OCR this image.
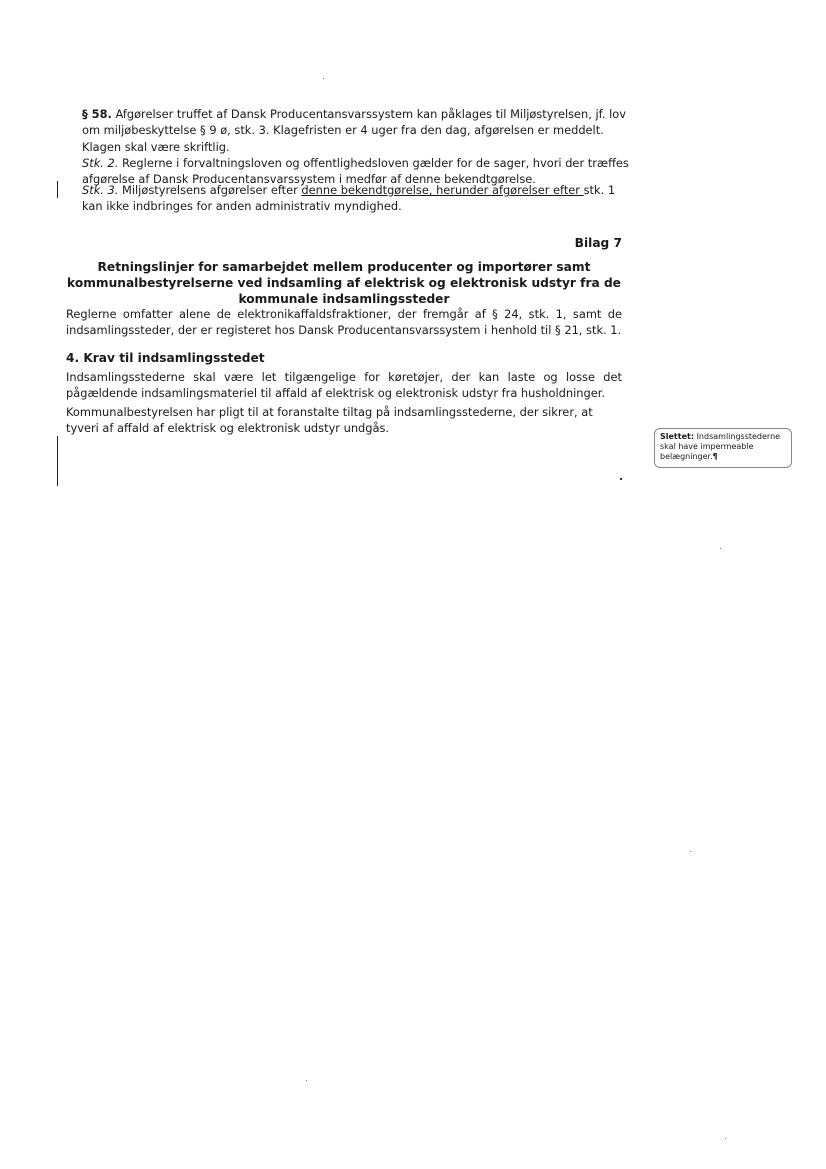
§ 58. Afgørelser truffet af Dansk Producentansvarssystem kan påklages til Miljøstyrelsen, jf. lov om miljøbeskyttelse § 9 ø, stk. 3. Klagefristen er 4 uger fra den dag, afgørelsen er meddelt. Klagen skal være skriftlig.

Stk. 2. Reglerne i forvaltningsloven og offentlighedsloven gælder for de sager, hvori der træffes afgørelse af Dansk Producentansvarssystem i medfør af denne bekendtgørelse.

Stk. 3. Miljøstyrelsens afgørelser efter denne bekendtgørelse, herunder afgørelser efter stk. 1 kan ikke indbringes for anden administrativ myndighed.

Bilag 7
Retningslinjer for samarbejdet mellem producenter og importører samt kommunalbestyrelserne ved indsamling af elektrisk og elektronisk udstyr fra de kommunale indsamlingssteder

Reglerne omfatter alene de elektronikaffaldsfraktioner, der fremgår af § 24, stk. 1, samt de indsamlingssteder, der er registeret hos Dansk Producentansvarssystem i henhold til § 21, stk. 1.

4. Krav til indsamlingsstedet

Indsamlingsstederne skal være let tilgængelige for køretøjer, der kan laste og losse det pågældende indsamlingsmateriel til affald af elektrisk og elektronisk udstyr fra husholdninger.

Kommunalbestyrelsen har pligt til at foranstalte tiltag på indsamlingsstederne, der sikrer, at tyveri af affald af elektrisk og elektronisk udstyr undgås.

Slettet: Indsamlingsstederne skal have impermeable belægninger.¶
